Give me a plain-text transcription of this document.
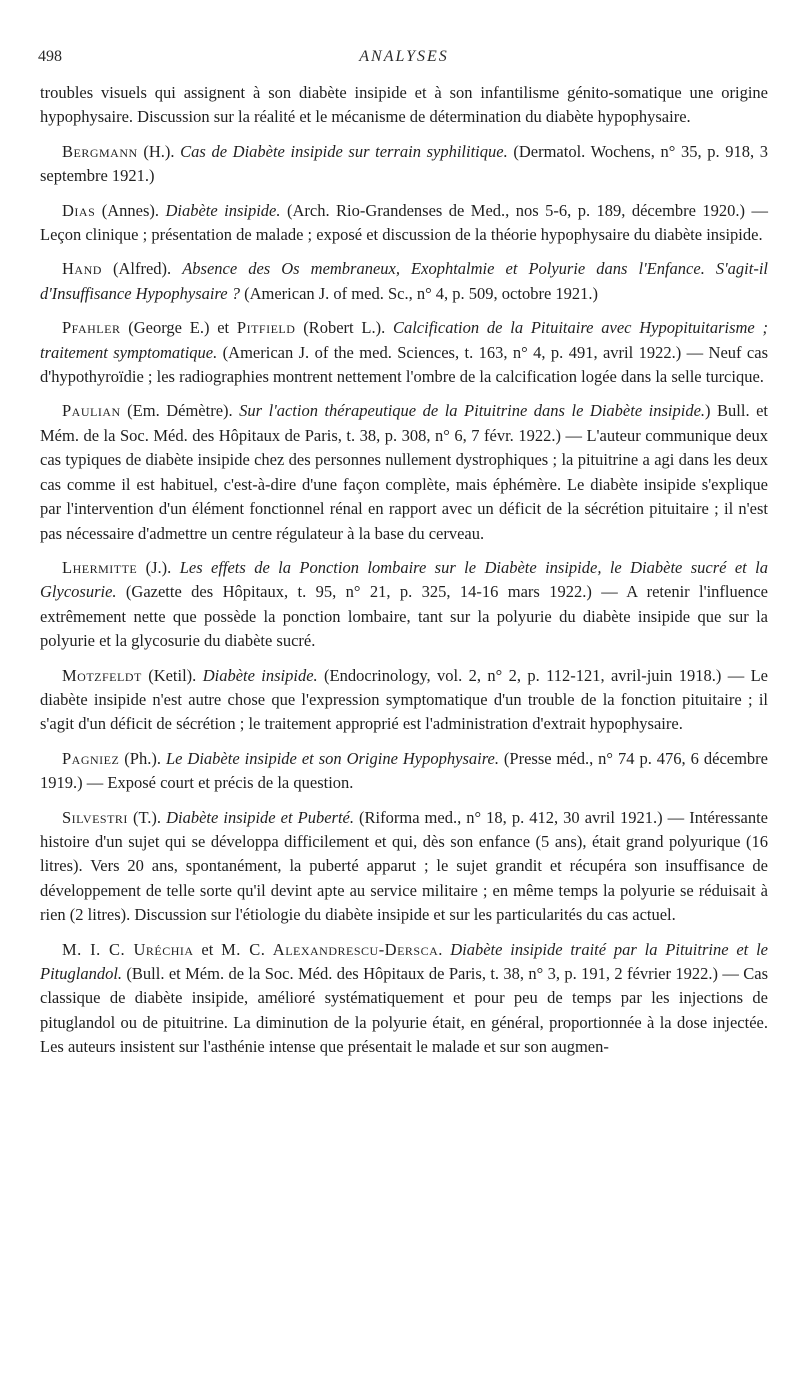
498	ANALYSES

troubles visuels qui assignent à son diabète insipide et à son infantilisme génito-somatique une origine hypophysaire. Discussion sur la réalité et le mécanisme de détermination du diabète hypophysaire.

Bergmann (H.). Cas de Diabète insipide sur terrain syphilitique. (Dermatol. Wochens, n° 35, p. 918, 3 septembre 1921.)

Dias (Annes). Diabète insipide. (Arch. Rio-Grandenses de Med., nos 5-6, p. 189, décembre 1920.) — Leçon clinique ; présentation de malade ; exposé et discussion de la théorie hypophysaire du diabète insipide.

Hand (Alfred). Absence des Os membraneux, Exophtalmie et Polyurie dans l'Enfance. S'agit-il d'Insuffisance Hypophysaire ? (American J. of med. Sc., n° 4, p. 509, octobre 1921.)

Pfahler (George E.) et Pitfield (Robert L.). Calcification de la Pituitaire avec Hypopituitarisme ; traitement symptomatique. (American J. of the med. Sciences, t. 163, n° 4, p. 491, avril 1922.) — Neuf cas d'hypothyroïdie ; les radiographies montrent nettement l'ombre de la calcification logée dans la selle turcique.

Paulian (Em. Démètre). Sur l'action thérapeutique de la Pituitrine dans le Diabète insipide.) Bull. et Mém. de la Soc. Méd. des Hôpitaux de Paris, t. 38, p. 308, n° 6, 7 févr. 1922.) — L'auteur communique deux cas typiques de diabète insipide chez des personnes nullement dystrophiques ; la pituitrine a agi dans les deux cas comme il est habituel, c'est-à-dire d'une façon complète, mais éphémère. Le diabète insipide s'explique par l'intervention d'un élément fonctionnel rénal en rapport avec un déficit de la sécrétion pituitaire ; il n'est pas nécessaire d'admettre un centre régulateur à la base du cerveau.

Lhermitte (J.). Les effets de la Ponction lombaire sur le Diabète insipide, le Diabète sucré et la Glycosurie. (Gazette des Hôpitaux, t. 95, n° 21, p. 325, 14-16 mars 1922.) — A retenir l'influence extrêmement nette que possède la ponction lombaire, tant sur la polyurie du diabète insipide que sur la polyurie et la glycosurie du diabète sucré.

Motzfeldt (Ketil). Diabète insipide. (Endocrinology, vol. 2, n° 2, p. 112-121, avril-juin 1918.) — Le diabète insipide n'est autre chose que l'expression symptomatique d'un trouble de la fonction pituitaire ; il s'agit d'un déficit de sécrétion ; le traitement approprié est l'administration d'extrait hypophysaire.

Pagniez (Ph.). Le Diabète insipide et son Origine Hypophysaire. (Presse méd., n° 74 p. 476, 6 décembre 1919.) — Exposé court et précis de la question.

Silvestri (T.). Diabète insipide et Puberté. (Riforma med., n° 18, p. 412, 30 avril 1921.) — Intéressante histoire d'un sujet qui se développa difficilement et qui, dès son enfance (5 ans), était grand polyurique (16 litres). Vers 20 ans, spontanément, la puberté apparut ; le sujet grandit et récupéra son insuffisance de développement de telle sorte qu'il devint apte au service militaire ; en même temps la polyurie se réduisait à rien (2 litres). Discussion sur l'étiologie du diabète insipide et sur les particularités du cas actuel.

M. I. C. Uréchia et M. C. Alexandrescu-Dersca. Diabète insipide traité par la Pituitrine et le Pituglandol. (Bull. et Mém. de la Soc. Méd. des Hôpitaux de Paris, t. 38, n° 3, p. 191, 2 février 1922.) — Cas classique de diabète insipide, amélioré systématiquement et pour peu de temps par les injections de pituglandol ou de pituitrine. La diminution de la polyurie était, en général, proportionnée à la dose injectée. Les auteurs insistent sur l'asthénie intense que présentait le malade et sur son augmen-
